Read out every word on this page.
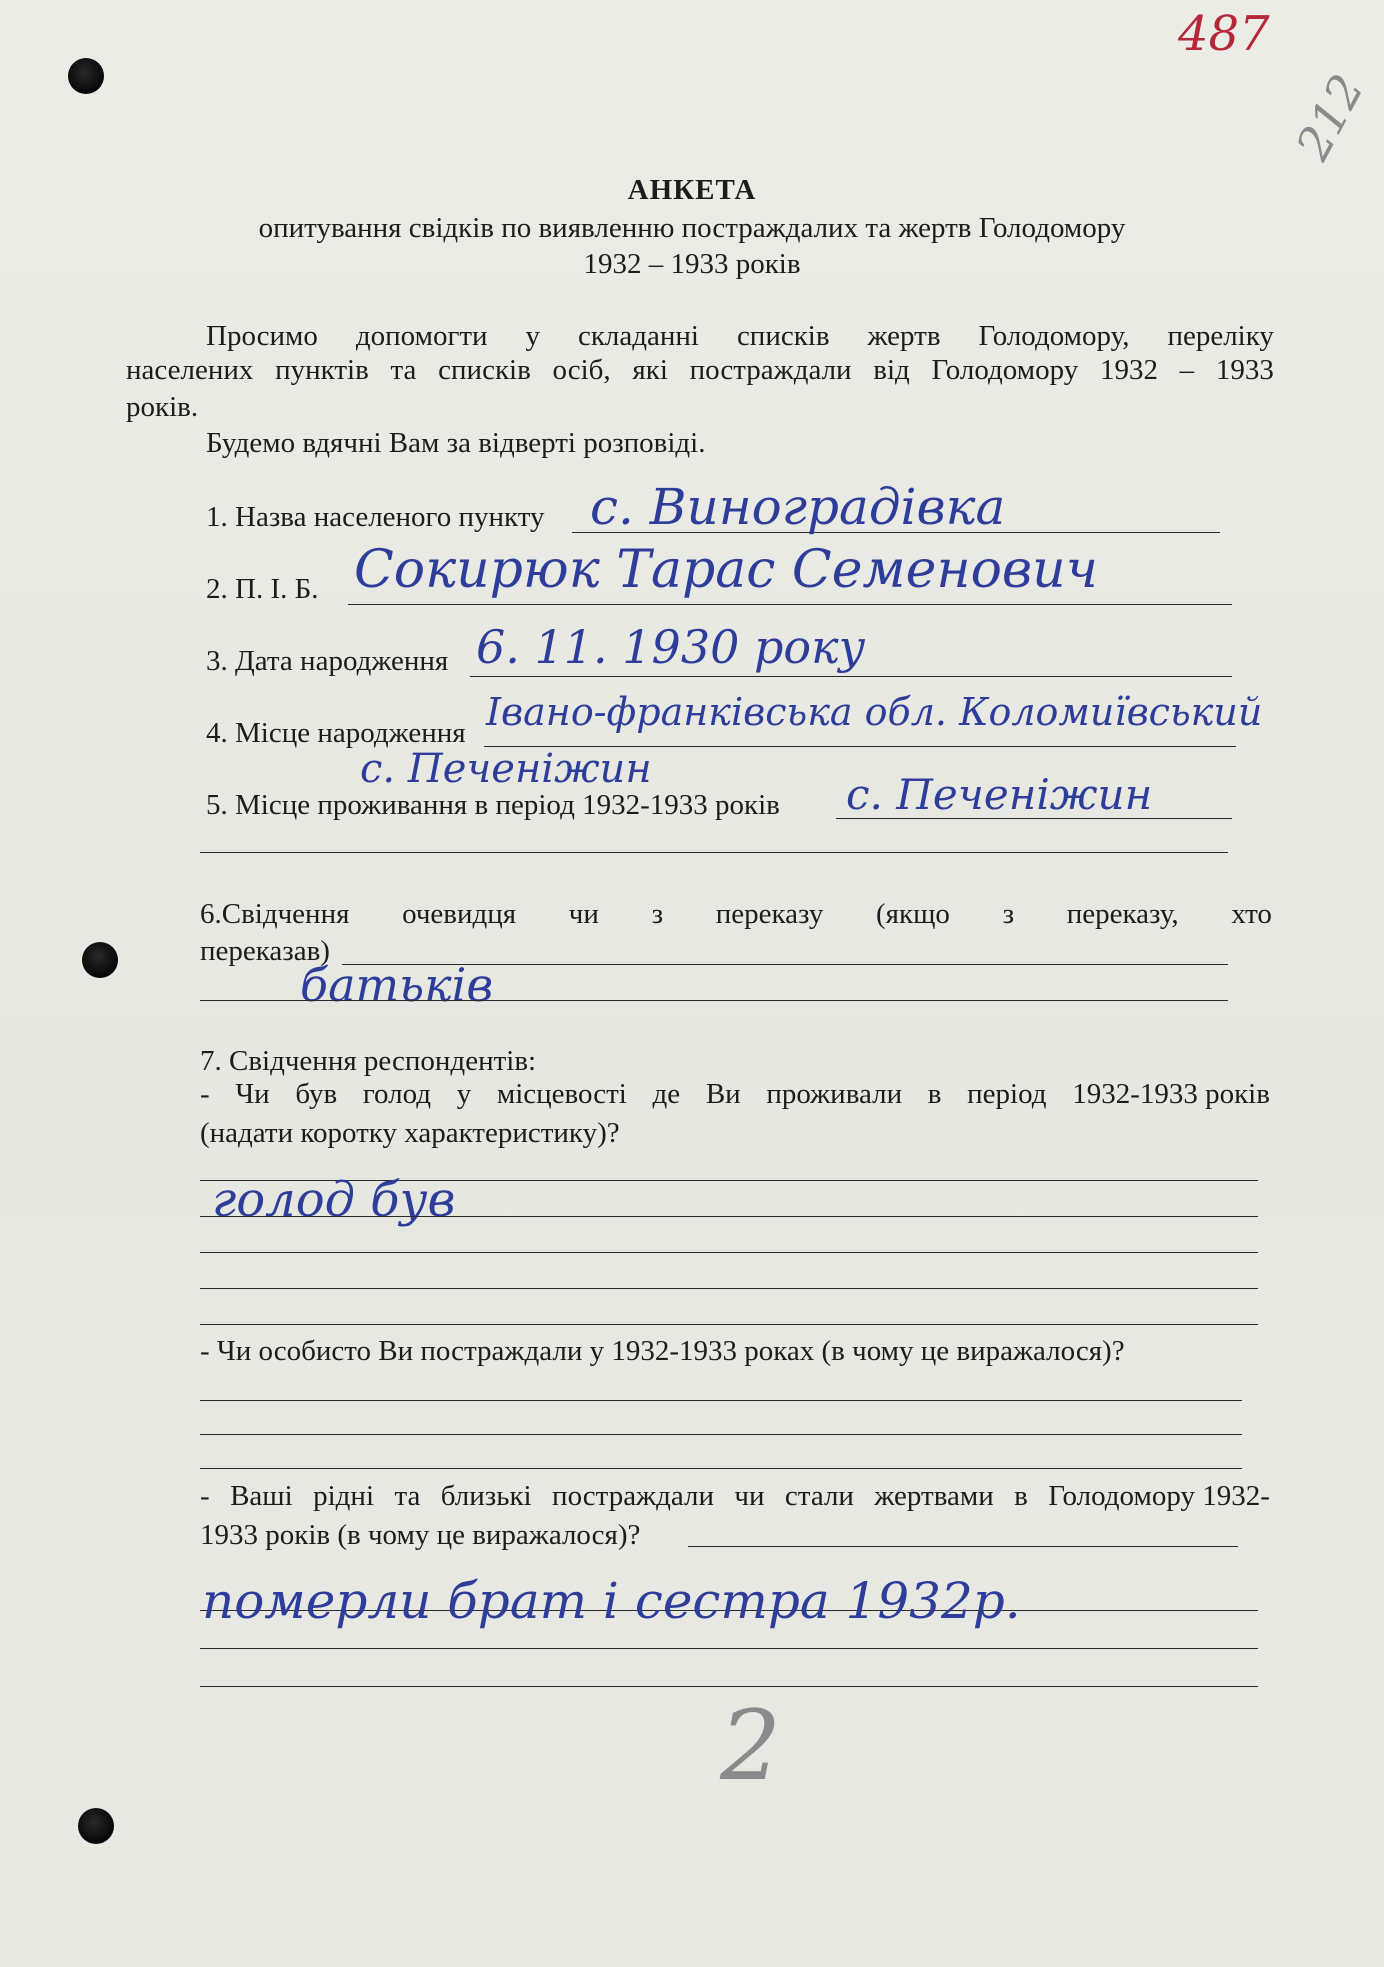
487
212
АНКЕТА
опитування свідків по виявленню постраждалих та жертв Голодомору
1932 – 1933 років
Просимо допомогти у складанні списків жертв Голодомору, переліку
населених пунктів та списків осіб, які постраждали від Голодомору 1932 – 1933
років.
Будемо вдячні Вам за відверті розповіді.
1. Назва населеного пункту с. Виноградівка
2. П. І. Б. Сокирюк Тарас Семенович
3. Дата народження 6. 11. 1930 року
4. Місце народження Івано-франківська обл. Коломиївський
с. Печеніжин
5. Місце проживання в період 1932-1933 років с. Печеніжин
6.Свідчення очевидця чи з переказу (якщо з переказу, хто
переказав)
батьків
7. Свідчення респондентів:
- Чи був голод у місцевості де Ви проживали в період 1932-1933 років
(надати коротку характеристику)?
голод був
- Чи особисто Ви постраждали у 1932-1933 роках (в чому це виражалося)?
- Ваші рідні та близькі постраждали чи стали жертвами в Голодомору 1932-
1933 років (в чому це виражалося)?
померли брат і сестра 1932р.
2
